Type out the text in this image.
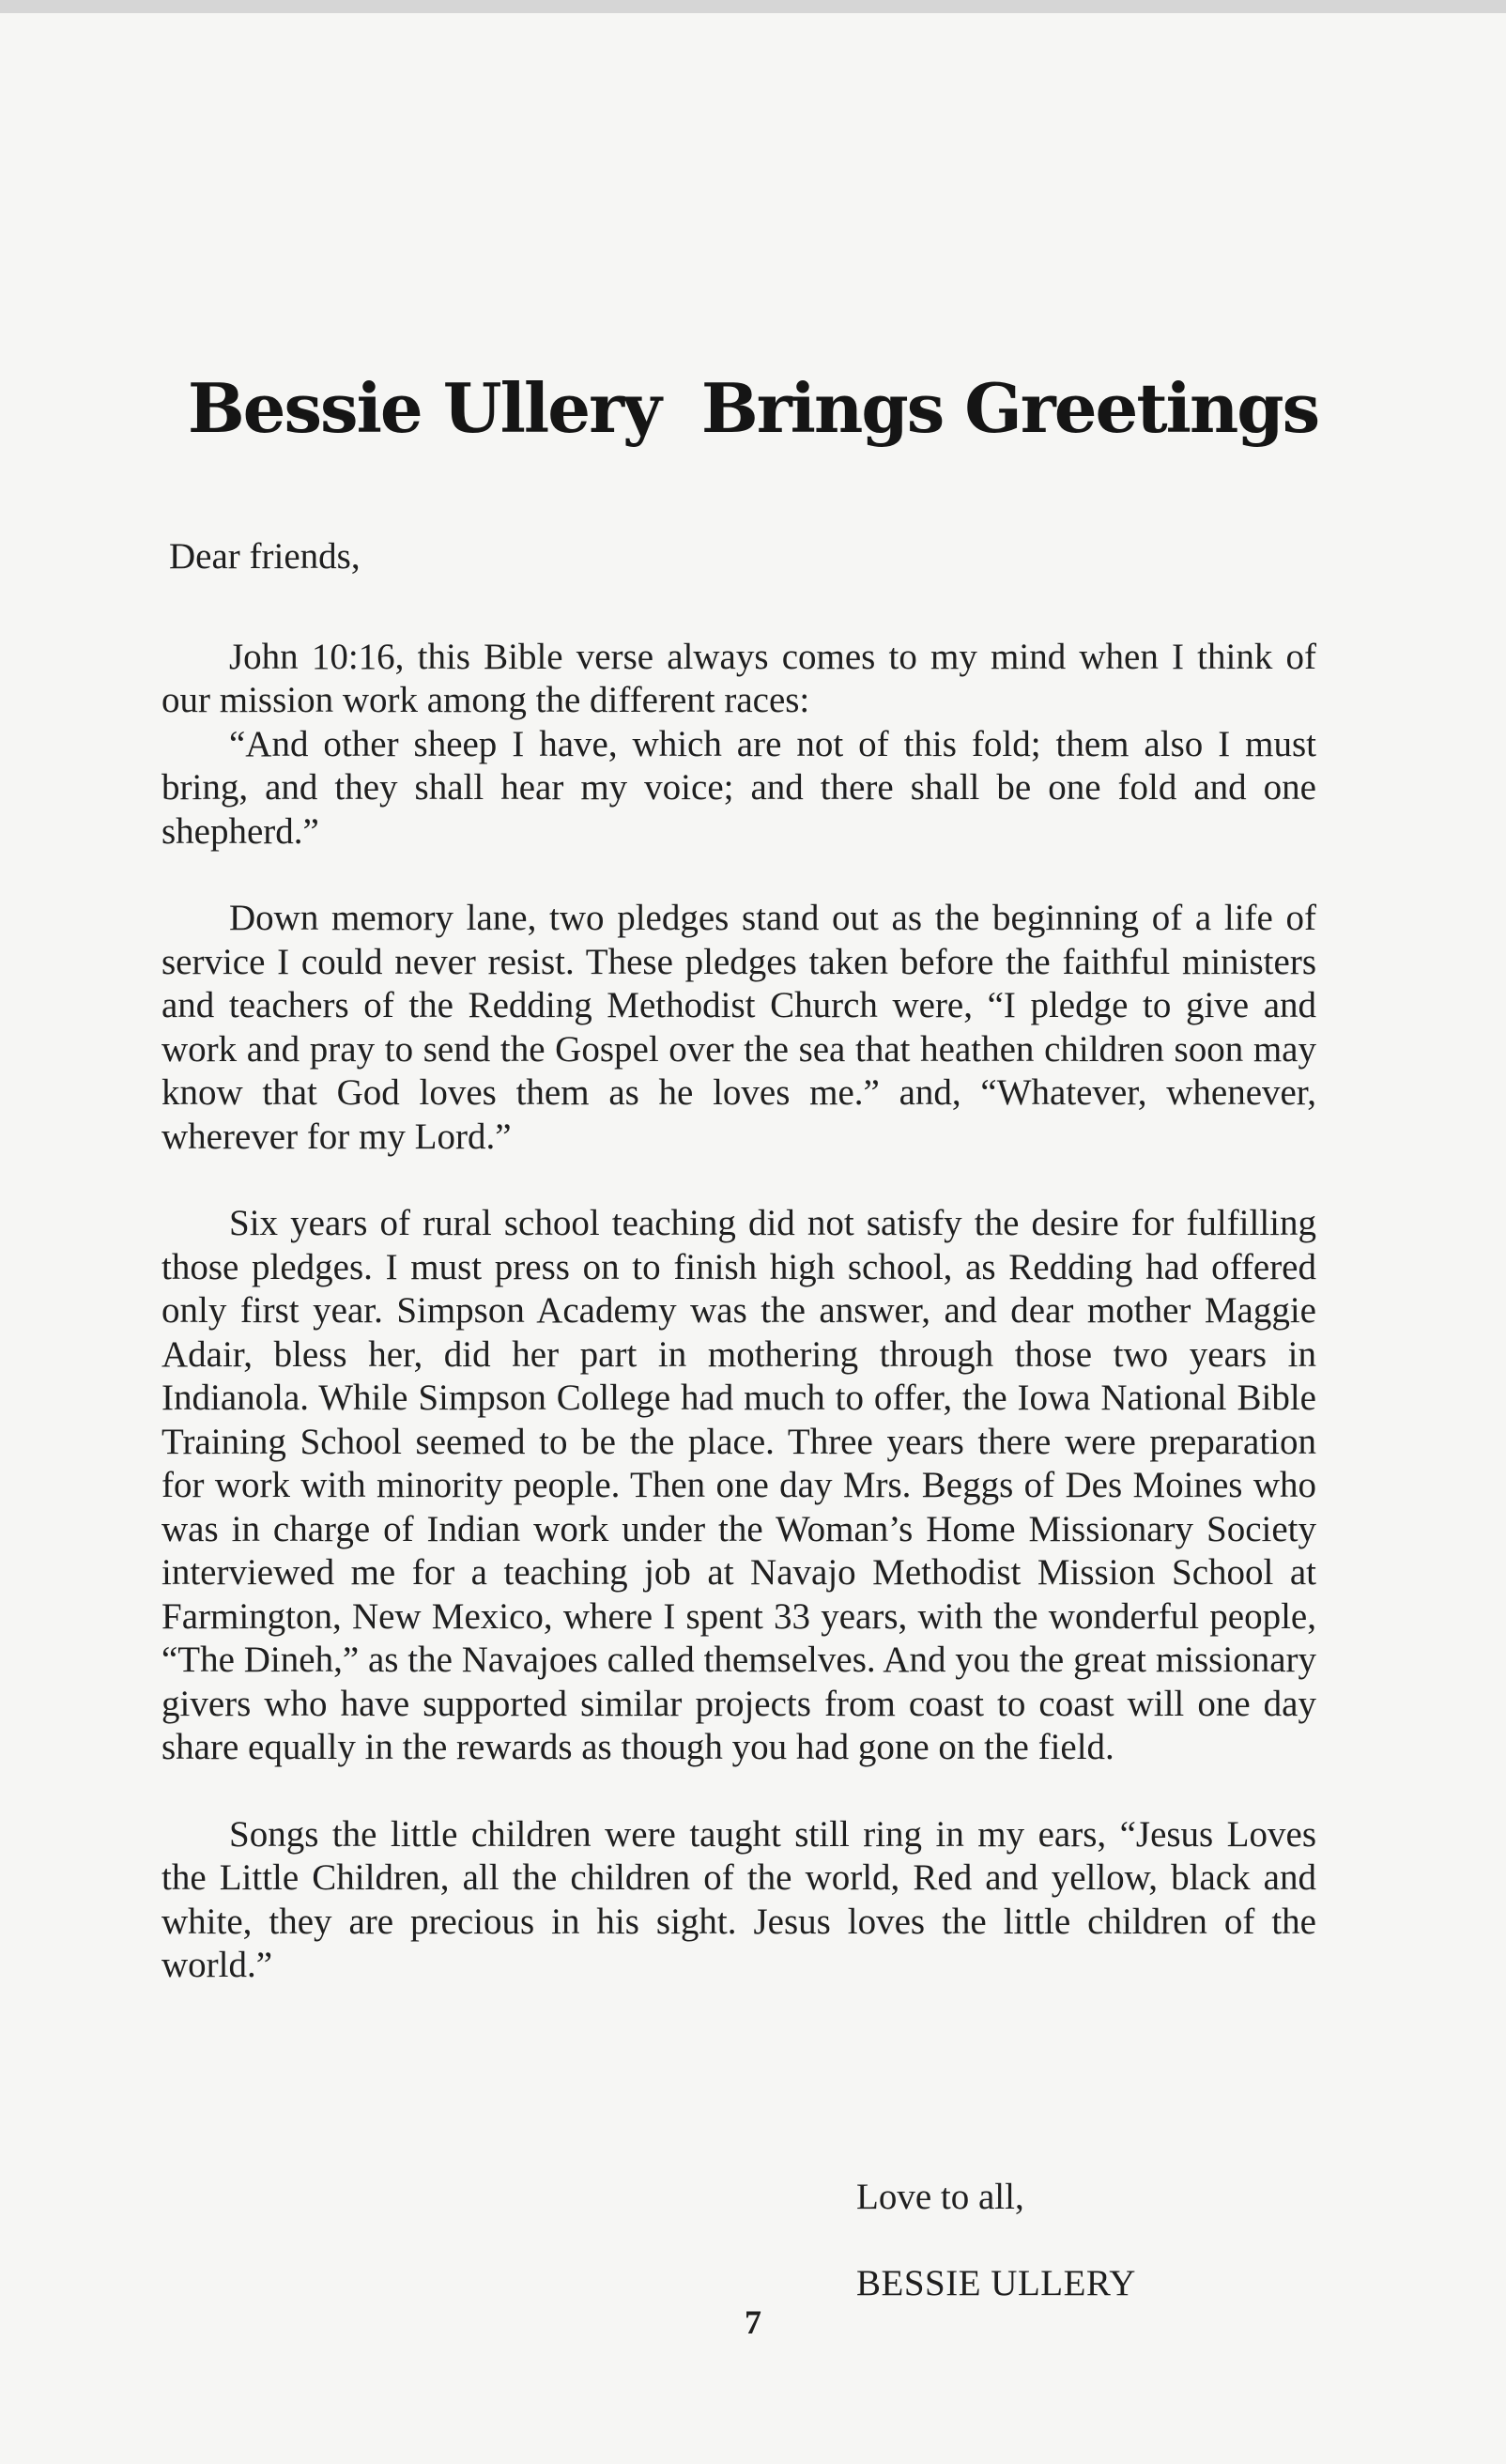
Bessie Ullery Brings Greetings

Dear friends,

John 10:16, this Bible verse always comes to my mind when I think of our mission work among the different races:

“And other sheep I have, which are not of this fold; them also I must bring, and they shall hear my voice; and there shall be one fold and one shepherd.”

Down memory lane, two pledges stand out as the beginning of a life of service I could never resist. These pledges taken before the faithful ministers and teachers of the Redding Methodist Church were, “I pledge to give and work and pray to send the Gospel over the sea that heathen children soon may know that God loves them as he loves me.” and, “Whatever, whenever, wherever for my Lord.”

Six years of rural school teaching did not satisfy the desire for fulfilling those pledges. I must press on to finish high school, as Redding had offered only first year. Simpson Academy was the answer, and dear mother Maggie Adair, bless her, did her part in mothering through those two years in Indianola. While Simpson College had much to offer, the Iowa National Bible Training School seemed to be the place. Three years there were preparation for work with minority people. Then one day Mrs. Beggs of Des Moines who was in charge of Indian work under the Woman’s Home Missionary Society interviewed me for a teaching job at Navajo Methodist Mission School at Farmington, New Mexico, where I spent 33 years, with the wonderful people, “The Dineh,” as the Navajoes called themselves. And you the great missionary givers who have supported similar projects from coast to coast will one day share equally in the rewards as though you had gone on the field.

Songs the little children were taught still ring in my ears, “Jesus Loves the Little Children, all the children of the world, Red and yellow, black and white, they are precious in his sight. Jesus loves the little children of the world.”

Love to all,
BESSIE ULLERY
7
